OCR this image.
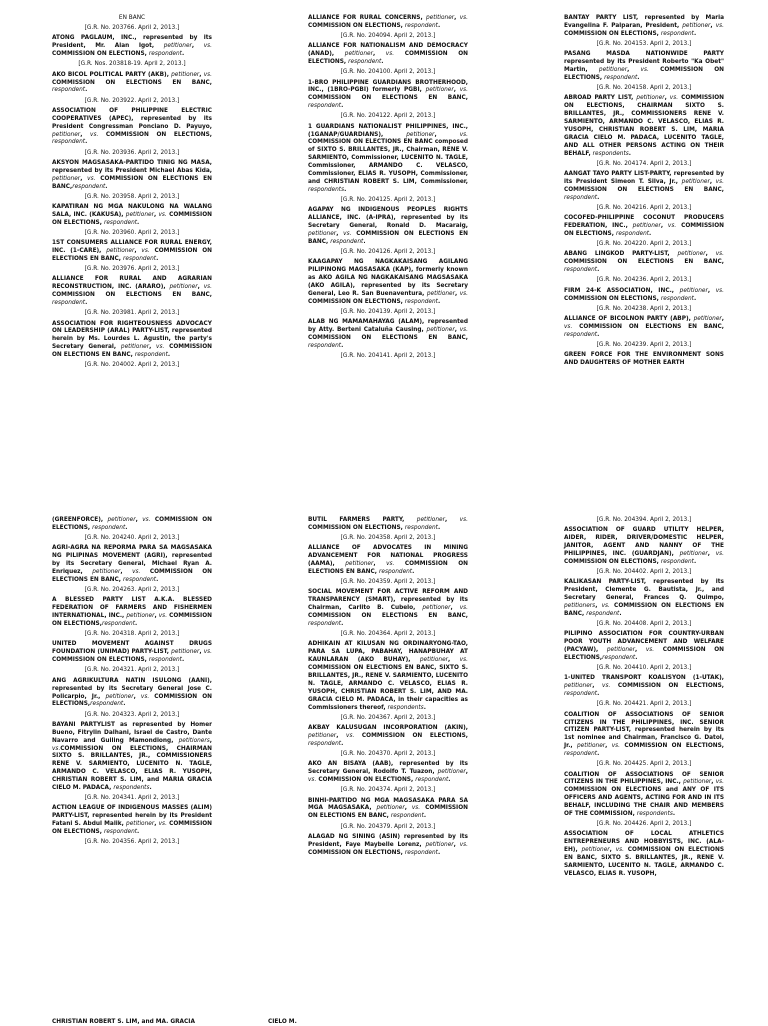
EN BANC
[G.R. No. 203766. April 2, 2013.]
ATONG PAGLAUM, INC., represented by its President, Mr. Alan Igot, petitioner, vs. COMMISSION ON ELECTIONS, respondent.
[G.R. Nos. 203818-19. April 2, 2013.]
AKO BICOL POLITICAL PARTY (AKB), petitioner, vs. COMMISSION ON ELECTIONS EN BANC, respondent.
[G.R. No. 203922. April 2, 2013.]
ASSOCIATION OF PHILIPPINE ELECTRIC COOPERATIVES (APEC), represented by its President Congressman Ponciano D. Payuyo, petitioner, vs. COMMISSION ON ELECTIONS, respondent.
[G.R. No. 203936. April 2, 2013.]
AKSYON MAGSASAKA-PARTIDO TINIG NG MASA, represented by its President Michael Abas Kida, petitioner, vs. COMMISSION ON ELECTIONS EN BANC,respondent.
[G.R. No. 203958. April 2, 2013.]
KAPATIRAN NG MGA NAKULONG NA WALANG SALA, INC. (KAKUSA), petitioner, vs. COMMISSION ON ELECTIONS, respondent.
[G.R. No. 203960. April 2, 2013.]
1ST CONSUMERS ALLIANCE FOR RURAL ENERGY, INC. (1-CARE), petitioner, vs. COMMISSION ON ELECTIONS EN BANC, respondent.
[G.R. No. 203976. April 2, 2013.]
ALLIANCE FOR RURAL AND AGRARIAN RECONSTRUCTION, INC. (ARARO), petitioner, vs. COMMISSION ON ELECTIONS EN BANC, respondent.
[G.R. No. 203981. April 2, 2013.]
ASSOCIATION FOR RIGHTEOUSNESS ADVOCACY ON LEADERSHIP (ARAL) PARTY-LIST, represented herein by Ms. Lourdes L. Agustin, the party's Secretary General, petitioner, vs. COMMISSION ON ELECTIONS EN BANC, respondent.
[G.R. No. 204002. April 2, 2013.]
ALLIANCE FOR RURAL CONCERNS, petitioner, vs. COMMISSION ON ELECTIONS, respondent.
[G.R. No. 204094. April 2, 2013.]
ALLIANCE FOR NATIONALISM AND DEMOCRACY (ANAD), petitioner, vs. COMMISSION ON ELECTIONS, respondent.
[G.R. No. 204100. April 2, 2013.]
1-BRO PHILIPPINE GUARDIANS BROTHERHOOD, INC., (1BRO-PGBI) formerly PGBI, petitioner, vs. COMMISSION ON ELECTIONS EN BANC, respondent.
[G.R. No. 204122. April 2, 2013.]
1 GUARDIANS NATIONALIST PHILIPPINES, INC., (1GANAP/GUARDIANS),	petitioner, vs. COMMISSION ON ELECTIONS EN BANC composed of SIXTO S. BRILLANTES, JR., Chairman, RENE V. SARMIENTO, Commissioner, LUCENITO N. TAGLE, Commissioner, ARMANDO C. VELASCO, Commissioner, ELIAS R. YUSOPH, Commissioner, and CHRISTIAN ROBERT S. LIM, Commissioner, respondents.
[G.R. No. 204125. April 2, 2013.]
AGAPAY NG INDIGENOUS PEOPLES RIGHTS ALLIANCE, INC. (A-IPRA), represented by its Secretary General, Ronald D. Macaraig, petitioner, vs. COMMISSION ON ELECTIONS EN BANC, respondent.
[G.R. No. 204126. April 2, 2013.]
KAAGAPAY NG NAGKAKAISANG AGILANG PILIPINONG MAGSASAKA (KAP), formerly known as AKO AGILA NG NAGKAKAISANG MAGSASAKA (AKO AGILA), represented by its Secretary General, Leo R. San Buenaventura, petitioner, vs. COMMISSION ON ELECTIONS, respondent.
[G.R. No. 204139. April 2, 2013.]
ALAB NG MAMAMAHAYAG (ALAM), represented by Atty. Berteni Cataluña Causing, petitioner, vs. COMMISSION ON ELECTIONS EN BANC, respondent.
[G.R. No. 204141. April 2, 2013.]
BANTAY PARTY LIST, represented by Maria Evangelina F. Palparan, President, petitioner, vs. COMMISSION ON ELECTIONS, respondent.
[G.R. No. 204153. April 2, 2013.]
PASANG MASDA NATIONWIDE PARTY represented by its President Roberto "Ka Obet" Martin, petitioner, vs. COMMISSION ON ELECTIONS, respondent.
[G.R. No. 204158. April 2, 2013.]
ABROAD PARTY LIST, petitioner, vs. COMMISSION ON ELECTIONS, CHAIRMAN SIXTO S. BRILLANTES, JR., COMMISSIONERS RENE V. SARMIENTO, ARMANDO C. VELASCO, ELIAS R. YUSOPH, CHRISTIAN ROBERT S. LIM, MARIA GRACIA CIELO M. PADACA, LUCENITO TAGLE, AND ALL OTHER PERSONS ACTING ON THEIR BEHALF, respondents.
[G.R. No. 204174. April 2, 2013.]
AANGAT TAYO PARTY LIST-PARTY, represented by its President Simeon T. Silva, Jr., petitioner, vs. COMMISSION ON ELECTIONS EN BANC, respondent.
[G.R. No. 204216. April 2, 2013.]
COCOFED-PHILIPPINE COCONUT PRODUCERS FEDERATION, INC., petitioner, vs. COMMISSION ON ELECTIONS, respondent.
[G.R. No. 204220. April 2, 2013.]
ABANG LINGKOD PARTY-LIST, petitioner, vs. COMMISSION ON ELECTIONS EN BANC, respondent.
[G.R. No. 204236. April 2, 2013.]
FIRM 24-K ASSOCIATION, INC., petitioner, vs. COMMISSION ON ELECTIONS, respondent.
[G.R. No. 204238. April 2, 2013.]
ALLIANCE OF BICOLNON PARTY (ABP), petitioner, vs. COMMISSION ON ELECTIONS EN BANC, respondent.
[G.R. No. 204239. April 2, 2013.]
GREEN FORCE FOR THE ENVIRONMENT SONS AND DAUGHTERS OF MOTHER EARTH
(GREENFORCE), petitioner, vs. COMMISSION ON ELECTIONS, respondent.
[G.R. No. 204240. April 2, 2013.]
AGRI-AGRA NA REPORMA PARA SA MAGSASAKA NG PILIPINAS MOVEMENT (AGRI), represented by its Secretary General, Michael Ryan A. Enriquez, petitioner, vs. COMMISSION ON ELECTIONS EN BANC, respondent.
[G.R. No. 204263. April 2, 2013.]
A BLESSED PARTY LIST A.K.A. BLESSED FEDERATION OF FARMERS AND FISHERMEN INTERNATIONAL, INC., petitioner, vs. COMMISSION ON ELECTIONS,respondent.
[G.R. No. 204318. April 2, 2013.]
UNITED MOVEMENT AGAINST DRUGS FOUNDATION (UNIMAD) PARTY-LIST, petitioner, vs. COMMISSION ON ELECTIONS, respondent.
[G.R. No. 204321. April 2, 2013.]
ANG AGRIKULTURA NATIN ISULONG (AANI), represented by its Secretary General Jose C. Policarpio, Jr., petitioner, vs. COMMISSION ON ELECTIONS,respondent.
[G.R. No. 204323. April 2, 2013.]
BAYANI PARTYLIST as represented by Homer Bueno, Fitrylin Dalhani, Israel de Castro, Dante Navarro and Guiling Mamondiong, petitioners, vs.COMMISSION ON ELECTIONS, CHAIRMAN SIXTO S. BRILLANTES, JR., COMMISSIONERS RENE V. SARMIENTO, LUCENITO N. TAGLE, ARMANDO C. VELASCO, ELIAS R. YUSOPH, CHRISTIAN ROBERT S. LIM, and MARIA GRACIA CIELO M. PADACA, respondents.
[G.R. No. 204341. April 2, 2013.]
ACTION LEAGUE OF INDIGENOUS MASSES (ALIM) PARTY-LIST, represented herein by its President Fatani S. Abdul Malik, petitioner, vs. COMMISSION ON ELECTIONS, respondent.
[G.R. No. 204356. April 2, 2013.]
BUTIL FARMERS PARTY, petitioner, vs. COMMISSION ON ELECTIONS, respondent.
[G.R. No. 204358. April 2, 2013.]
ALLIANCE OF ADVOCATES IN MINING ADVANCEMENT FOR NATIONAL PROGRESS (AAMA), petitioner, vs. COMMISSION ON ELECTIONS EN BANC, respondent.
[G.R. No. 204359. April 2, 2013.]
SOCIAL MOVEMENT FOR ACTIVE REFORM AND TRANSPARENCY (SMART), represented by its Chairman, Carlito B. Cubelo, petitioner, vs. COMMISSION ON ELECTIONS EN BANC, respondent.
[G.R. No. 204364. April 2, 2013.]
ADHIKAIN AT KILUSAN NG ORDINARYONG-TAO, PARA SA LUPA, PABAHAY, HANAPBUHAY AT KAUNLARAN (AKO BUHAY), petitioner, vs. COMMISSION ON ELECTIONS EN BANC, SIXTO S. BRILLANTES, JR., RENE V. SARMIENTO, LUCENITO N. TAGLE, ARMANDO C. VELASCO, ELIAS R. YUSOPH, CHRISTIAN ROBERT S. LIM, AND MA. GRACIA CIELO M. PADACA, in their capacities as Commissioners thereof, respondents.
[G.R. No. 204367. April 2, 2013.]
AKBAY KALUSUGAN INCORPORATION (AKIN), petitioner, vs. COMMISSION ON ELECTIONS, respondent.
[G.R. No. 204370. April 2, 2013.]
AKO AN BISAYA (AAB), represented by its Secretary General, Rodolfo T. Tuazon, petitioner, vs. COMMISSION ON ELECTIONS, respondent.
[G.R. No. 204374. April 2, 2013.]
BINHI-PARTIDO NG MGA MAGSASAKA PARA SA MGA MAGSASAKA, petitioner, vs. COMMISSION ON ELECTIONS EN BANC, respondent.
[G.R. No. 204379. April 2, 2013.]
ALAGAD NG SINING (ASIN) represented by its President, Faye Maybelle Lorenz, petitioner, vs. COMMISSION ON ELECTIONS, respondent.
[G.R. No. 204394. April 2, 2013.]
ASSOCIATION OF GUARD UTILITY HELPER, AIDER, RIDER, DRIVER/DOMESTIC HELPER, JANITOR, AGENT AND NANNY OF THE PHILIPPINES, INC. (GUARDJAN), petitioner, vs. COMMISSION ON ELECTIONS, respondent.
[G.R. No. 204402. April 2, 2013.]
KALIKASAN PARTY-LIST, represented by its President, Clemente G. Bautista, Jr., and Secretary General, Frances Q. Quimpo, petitioners, vs. COMMISSION ON ELECTIONS EN BANC, respondent.
[G.R. No. 204408. April 2, 2013.]
PILIPINO ASSOCIATION FOR COUNTRY-URBAN POOR YOUTH ADVANCEMENT AND WELFARE (PACYAW), petitioner, vs. COMMISSION ON ELECTIONS,respondent.
[G.R. No. 204410. April 2, 2013.]
1-UNITED TRANSPORT KOALISYON (1-UTAK), petitioner, vs. COMMISSION ON ELECTIONS, respondent.
[G.R. No. 204421. April 2, 2013.]
COALITION OF ASSOCIATIONS OF SENIOR CITIZENS IN THE PHILIPPINES, INC. SENIOR CITIZEN PARTY-LIST, represented herein by its 1st nominee and Chairman, Francisco G. Datol, Jr., petitioner, vs. COMMISSION ON ELECTIONS, respondent.
[G.R. No. 204425. April 2, 2013.]
COALITION OF ASSOCIATIONS OF SENIOR CITIZENS IN THE PHILIPPINES, INC., petitioner, vs. COMMISSION ON ELECTIONS and ANY OF ITS OFFICERS AND AGENTS, ACTING FOR AND IN ITS BEHALF, INCLUDING THE CHAIR AND MEMBERS OF THE COMMISSION, respondents.
[G.R. No. 204426. April 2, 2013.]
ASSOCIATION OF LOCAL ATHLETICS ENTREPRENEURS AND HOBBYISTS, INC. (ALA-EH), petitioner, vs. COMMISSION ON ELECTIONS EN BANC, SIXTO S. BRILLANTES, JR., RENE V. SARMIENTO, LUCENITO N. TAGLE, ARMANDO C. VELASCO, ELIAS R. YUSOPH,
CHRISTIAN ROBERT S. LIM, and MA. GRACIA	CIELO M.
